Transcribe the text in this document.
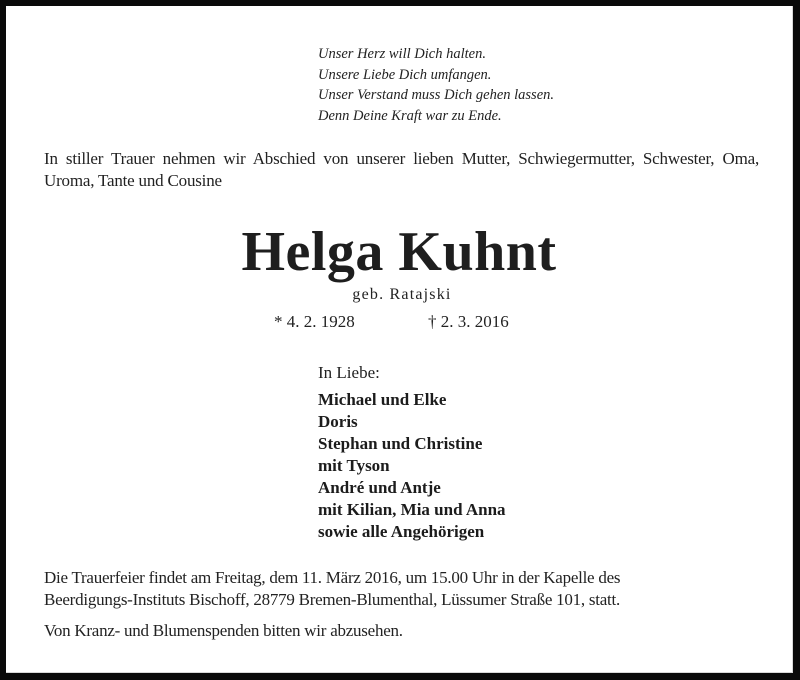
Unser Herz will Dich halten.
Unsere Liebe Dich umfangen.
Unser Verstand muss Dich gehen lassen.
Denn Deine Kraft war zu Ende.
In stiller Trauer nehmen wir Abschied von unserer lieben Mutter, Schwiegermutter, Schwester, Oma, Uroma, Tante und Cousine
Helga Kuhnt
geb. Ratajski
* 4. 2. 1928	† 2. 3. 2016
In Liebe:
Michael und Elke
Doris
Stephan und Christine
mit Tyson
André und Antje
mit Kilian, Mia und Anna
sowie alle Angehörigen
Die Trauerfeier findet am Freitag, dem 11. März 2016, um 15.00 Uhr in der Kapelle des
Beerdigungs-Instituts Bischoff, 28779 Bremen-Blumenthal, Lüssumer Straße 101, statt.
Von Kranz- und Blumenspenden bitten wir abzusehen.
